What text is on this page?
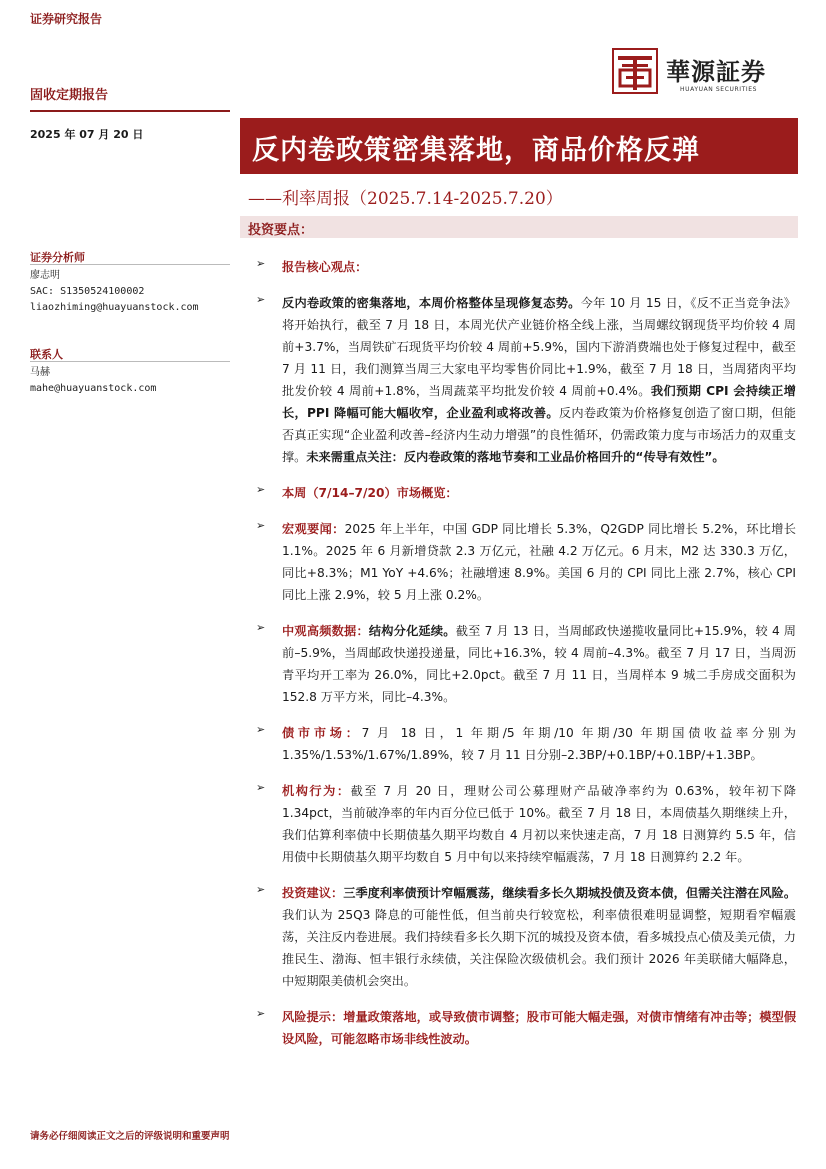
证券研究报告
固收定期报告
2025 年 07 月 20 日
華源証券
HUAYUAN SECURITIES
反内卷政策密集落地，商品价格反弹
——利率周报（2025.7.14-2025.7.20）
投资要点：
证券分析师
廖志明
SAC: S1350524100002
liaozhiming@huayuanstock.com
联系人
马赫
mahe@huayuanstock.com
➢	报告核心观点：
➢	反内卷政策的密集落地，本周价格整体呈现修复态势。今年 10 月 15 日，《反不正当竞争法》将开始执行，截至 7 月 18 日，本周光伏产业链价格全线上涨，当周螺纹钢现货平均价较 4 周前+3.7%，当周铁矿石现货平均价较 4 周前+5.9%，国内下游消费端也处于修复过程中，截至 7 月 11 日，我们测算当周三大家电平均零售价同比+1.9%，截至 7 月 18 日，当周猪肉平均批发价较 4 周前+1.8%，当周蔬菜平均批发价较 4 周前+0.4%。我们预期 CPI 会持续正增长，PPI 降幅可能大幅收窄，企业盈利或将改善。反内卷政策为价格修复创造了窗口期，但能否真正实现“企业盈利改善–经济内生动力增强”的良性循环，仍需政策力度与市场活力的双重支撑。未来需重点关注：反内卷政策的落地节奏和工业品价格回升的“传导有效性”。
➢	本周（7/14–7/20）市场概览：
➢	宏观要闻：2025 年上半年，中国 GDP 同比增长 5.3%，Q2GDP 同比增长 5.2%，环比增长 1.1%。2025 年 6 月新增贷款 2.3 万亿元，社融 4.2 万亿元。6 月末，M2 达 330.3 万亿，同比+8.3%；M1 YoY +4.6%；社融增速 8.9%。美国 6 月的 CPI 同比上涨 2.7%，核心 CPI 同比上涨 2.9%，较 5 月上涨 0.2%。
➢	中观高频数据：结构分化延续。截至 7 月 13 日，当周邮政快递揽收量同比+15.9%，较 4 周前–5.9%，当周邮政快递投递量，同比+16.3%，较 4 周前–4.3%。截至 7 月 17 日，当周沥青平均开工率为 26.0%，同比+2.0pct。截至 7 月 11 日，当周样本 9 城二手房成交面积为 152.8 万平方米，同比–4.3%。
➢	债市市场：7 月 18 日，1 年期/5 年期/10 年期/30 年期国债收益率分别为 1.35%/1.53%/1.67%/1.89%，较 7 月 11 日分别–2.3BP/+0.1BP/+0.1BP/+1.3BP。
➢	机构行为：截至 7 月 20 日，理财公司公募理财产品破净率约为 0.63%，较年初下降 1.34pct，当前破净率的年内百分位已低于 10%。截至 7 月 18 日，本周债基久期继续上升，我们估算利率债中长期债基久期平均数自 4 月初以来快速走高，7 月 18 日测算约 5.5 年，信用债中长期债基久期平均数自 5 月中旬以来持续窄幅震荡，7 月 18 日测算约 2.2 年。
➢	投资建议：三季度利率债预计窄幅震荡，继续看多长久期城投债及资本债，但需关注潜在风险。我们认为 25Q3 降息的可能性低，但当前央行较宽松，利率债很难明显调整，短期看窄幅震荡，关注反内卷进展。我们持续看多长久期下沉的城投及资本债，看多城投点心债及美元债，力推民生、渤海、恒丰银行永续债，关注保险次级债机会。我们预计 2026 年美联储大幅降息，中短期限美债机会突出。
➢	风险提示：增量政策落地，或导致债市调整；股市可能大幅走强，对债市情绪有冲击等；模型假设风险，可能忽略市场非线性波动。
请务必仔细阅读正文之后的评级说明和重要声明
